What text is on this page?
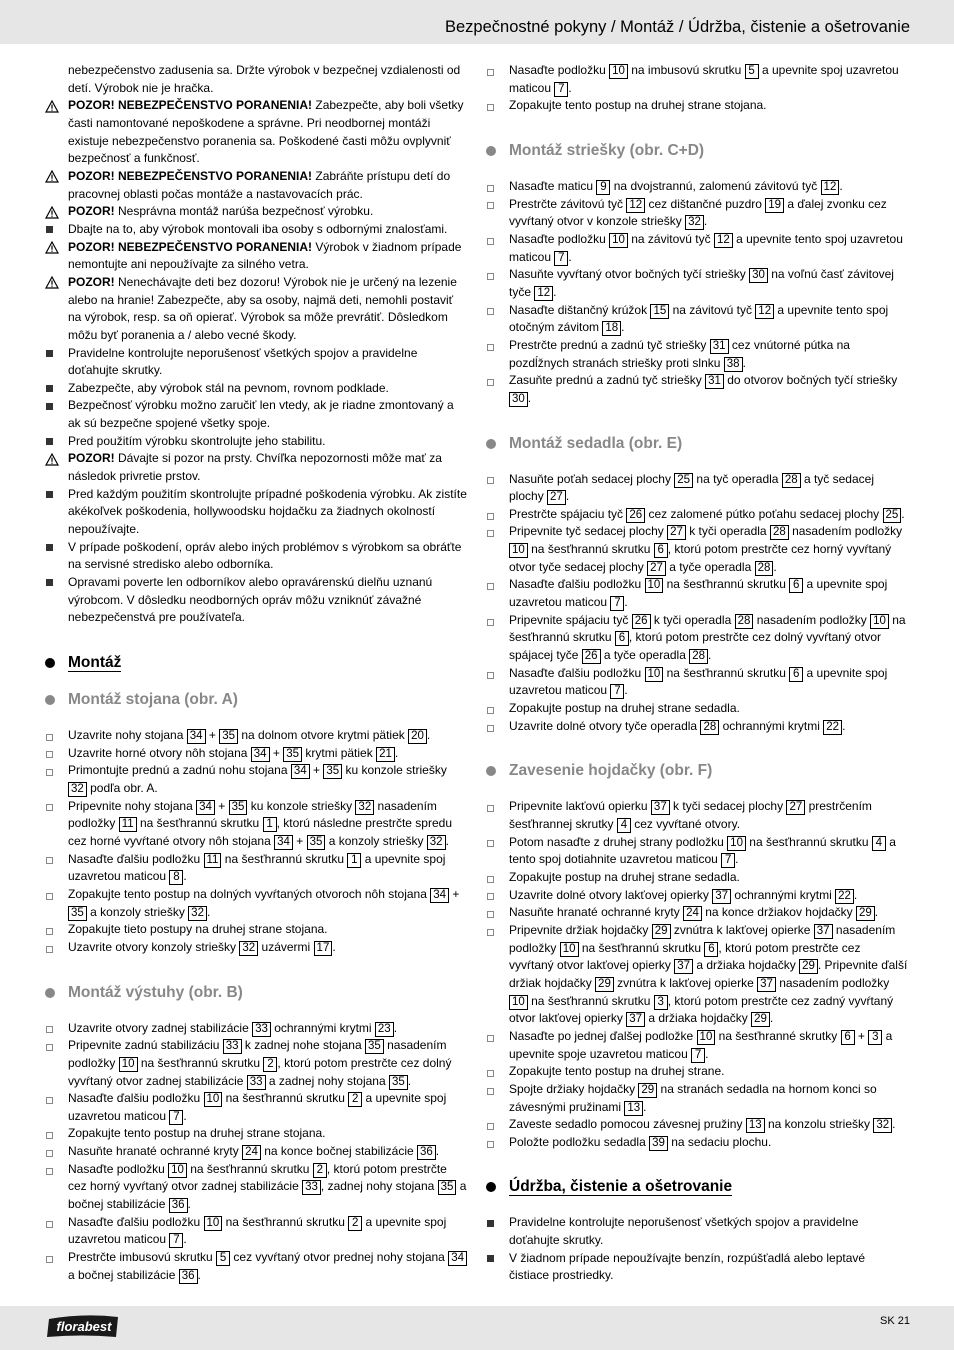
Bezpečnostné pokyny / Montáž / Údržba, čistenie a ošetrovanie
nebezpečenstvo zadusenia sa. Držte výrobok v bezpečnej vzdialenosti od detí. Výrobok nie je hračka.
POZOR! NEBEZPEČENSTVO PORANENIA! Zabezpečte, aby boli všetky časti namontované nepoškodene a správne. Pri neodbornej montáži existuje nebezpečenstvo poranenia sa. Poškodené časti môžu ovplyvniť bezpečnosť a funkčnosť.
POZOR! NEBEZPEČENSTVO PORANENIA! Zabráňte prístupu detí do pracovnej oblasti počas montáže a nastavovacích prác.
POZOR! Nesprávna montáž narúša bezpečnosť výrobku.
Dbajte na to, aby výrobok montovali iba osoby s odbornými znalosťami.
POZOR! NEBEZPEČENSTVO PORANENIA! Výrobok v žiadnom prípade nemontujte ani nepoužívajte za silného vetra.
POZOR! Nenechávajte deti bez dozoru! Výrobok nie je určený na lezenie alebo na hranie! Zabezpečte, aby sa osoby, najmä deti, nemohli postaviť na výrobok, resp. sa oň opierať. Výrobok sa môže prevrátiť. Dôsledkom môžu byť poranenia a / alebo vecné škody.
Pravidelne kontrolujte neporušenosť všetkých spojov a pravidelne doťahujte skrutky.
Zabezpečte, aby výrobok stál na pevnom, rovnom podklade.
Bezpečnosť výrobku možno zaručiť len vtedy, ak je riadne zmontovaný a ak sú bezpečne spojené všetky spoje.
Pred použitím výrobku skontrolujte jeho stabilitu.
POZOR! Dávajte si pozor na prsty. Chvíľka nepozornosti môže mať za následok privretie prstov.
Pred každým použitím skontrolujte prípadné poškodenia výrobku. Ak zistíte akékoľvek poškodenia, hollywoodsku hojdačku za žiadnych okolností nepoužívajte.
V prípade poškodení, opráv alebo iných problémov s výrobkom sa obráťte na servisné stredisko alebo odborníka.
Opravami poverte len odborníkov alebo opravárenskú dielňu uznanú výrobcom. V dôsledku neodborných opráv môžu vzniknúť závažné nebezpečenstvá pre používateľa.
Montáž
Montáž stojana (obr. A)
Uzavrite nohy stojana 34 + 35 na dolnom otvore krytmi pätiek 20 .
Uzavrite horné otvory nôh stojana 34 + 35 krytmi pätiek 21 .
Primontujte prednú a zadnú nohu stojana 34 + 35 ku konzole striešky 32 podľa obr. A.
Pripevnite nohy stojana 34 + 35 ku konzole striešky 32 nasadením podložky 11 na šesťhrannú skrutku 1 , ktorú následne prestrčte spredu cez horné vyvŕtané otvory nôh stojana 34 + 35 a konzoly striešky 32 .
Nasaďte ďalšiu podložku 11 na šesťhrannú skrutku 1 a upevnite spoj uzavretou maticou 8 .
Zopakujte tento postup na dolných vyvŕtaných otvoroch nôh stojana 34 + 35 a konzoly striešky 32 .
Zopakujte tieto postupy na druhej strane stojana.
Uzavrite otvory konzoly striešky 32 uzávermi 17 .
Montáž výstuhy (obr. B)
Uzavrite otvory zadnej stabilizácie 33 ochrannými krytmi 23 .
Pripevnite zadnú stabilizáciu 33 k zadnej nohe stojana 35 nasadením podložky 10 na šesťhrannú skrutku 2 , ktorú potom prestrčte cez dolný vyvŕtaný otvor zadnej stabilizácie 33 a zadnej nohy stojana 35 .
Nasaďte ďalšiu podložku 10 na šesťhrannú skrutku 2 a upevnite spoj uzavretou maticou 7 .
Zopakujte tento postup na druhej strane stojana.
Nasuňte hranaté ochranné kryty 24 na konce bočnej stabilizácie 36 .
Nasaďte podložku 10 na šesťhrannú skrutku 2 , ktorú potom prestrčte cez horný vyvŕtaný otvor zadnej stabilizácie 33 , zadnej nohy stojana 35 a bočnej stabilizácie 36 .
Nasaďte ďalšiu podložku 10 na šesťhrannú skrutku 2 a upevnite spoj uzavretou maticou 7 .
Prestrčte imbusovú skrutku 5 cez vyvŕtaný otvor prednej nohy stojana 34 a bočnej stabilizácie 36 .
Nasaďte podložku 10 na imbusovú skrutku 5 a upevnite spoj uzavretou maticou 7 .
Zopakujte tento postup na druhej strane stojana.
Montáž striešky (obr. C+D)
Nasaďte maticu 9 na dvojstrannú, zalomenú závitovú tyč 12 .
Prestrčte závitovú tyč 12 cez dištančné puzdro 19 a ďalej zvonku cez vyvŕtaný otvor v konzole striešky 32 .
Nasaďte podložku 10 na závitovú tyč 12 a upevnite tento spoj uzavretou maticou 7 .
Nasuňte vyvŕtaný otvor bočných tyčí striešky 30 na voľnú časť závitovej tyče 12 .
Nasaďte dištančný krúžok 15 na závitovú tyč 12 a upevnite tento spoj otočným závitom 18 .
Prestrčte prednú a zadnú tyč striešky 31 cez vnútorné pútka na pozdĺžnych stranách striešky proti slnku 38 .
Zasuňte prednú a zadnú tyč striešky 31 do otvorov bočných tyčí striešky 30 .
Montáž sedadla (obr. E)
Nasuňte poťah sedacej plochy 25 na tyč operadla 28 a tyč sedacej plochy 27 .
Prestrčte spájaciu tyč 26 cez zalomené pútko poťahu sedacej plochy 25 .
Pripevnite tyč sedacej plochy 27 k tyči operadla 28 nasadením podložky 10 na šesťhrannú skrutku 6 , ktorú potom prestrčte cez horný vyvŕtaný otvor tyče sedacej plochy 27 a tyče operadla 28 .
Nasaďte ďalšiu podložku 10 na šesťhrannú skrutku 6 a upevnite spoj uzavretou maticou 7 .
Pripevnite spájaciu tyč 26 k tyči operadla 28 nasadením podložky 10 na šesťhrannú skrutku 6 , ktorú potom prestrčte cez dolný vyvŕtaný otvor spájacej tyče 26 a tyče operadla 28 .
Nasaďte ďalšiu podložku 10 na šesťhrannú skrutku 6 a upevnite spoj uzavretou maticou 7 .
Zopakujte postup na druhej strane sedadla.
Uzavrite dolné otvory tyče operadla 28 ochrannými krytmi 22 .
Zavesenie hojdačky (obr. F)
Pripevnite lakťovú opierku 37 k tyči sedacej plochy 27 prestrčením šesťhrannej skrutky 4 cez vyvŕtané otvory.
Potom nasaďte z druhej strany podložku 10 na šesťhrannú skrutku 4 a tento spoj dotiahnite uzavretou maticou 7 .
Zopakujte postup na druhej strane sedadla.
Uzavrite dolné otvory lakťovej opierky 37 ochrannými krytmi 22 .
Nasuňte hranaté ochranné kryty 24 na konce držiakov hojdačky 29 .
Pripevnite držiak hojdačky 29 zvnútra k lakťovej opierke 37 nasadením podložky 10 na šesťhrannú skrutku 6 , ktorú potom prestrčte cez vyvŕtaný otvor lakťovej opierky 37 a držiaka hojdačky 29 . Pripevnite ďalší držiak hojdačky 29 zvnútra k lakťovej opierke 37 nasadením podložky 10 na šesťhrannú skrutku 3 , ktorú potom prestrčte cez zadný vyvŕtaný otvor lakťovej opierky 37 a držiaka hojdačky 29 .
Nasaďte po jednej ďalšej podložke 10 na šesťhranné skrutky 6 + 3 a upevnite spoje uzavretou maticou 7 .
Zopakujte tento postup na druhej strane.
Spojte držiaky hojdačky 29 na stranách sedadla na hornom konci so závesnými pružinami 13 .
Zaveste sedadlo pomocou závesnej pružiny 13 na konzolu striešky 32 .
Položte podložku sedadla 39 na sedaciu plochu.
Údržba, čistenie a ošetrovanie
Pravidelne kontrolujte neporušenosť všetkých spojov a pravidelne doťahujte skrutky.
V žiadnom prípade nepoužívajte benzín, rozpúšťadlá alebo leptavé čistiace prostriedky.
florabest	SK 21
